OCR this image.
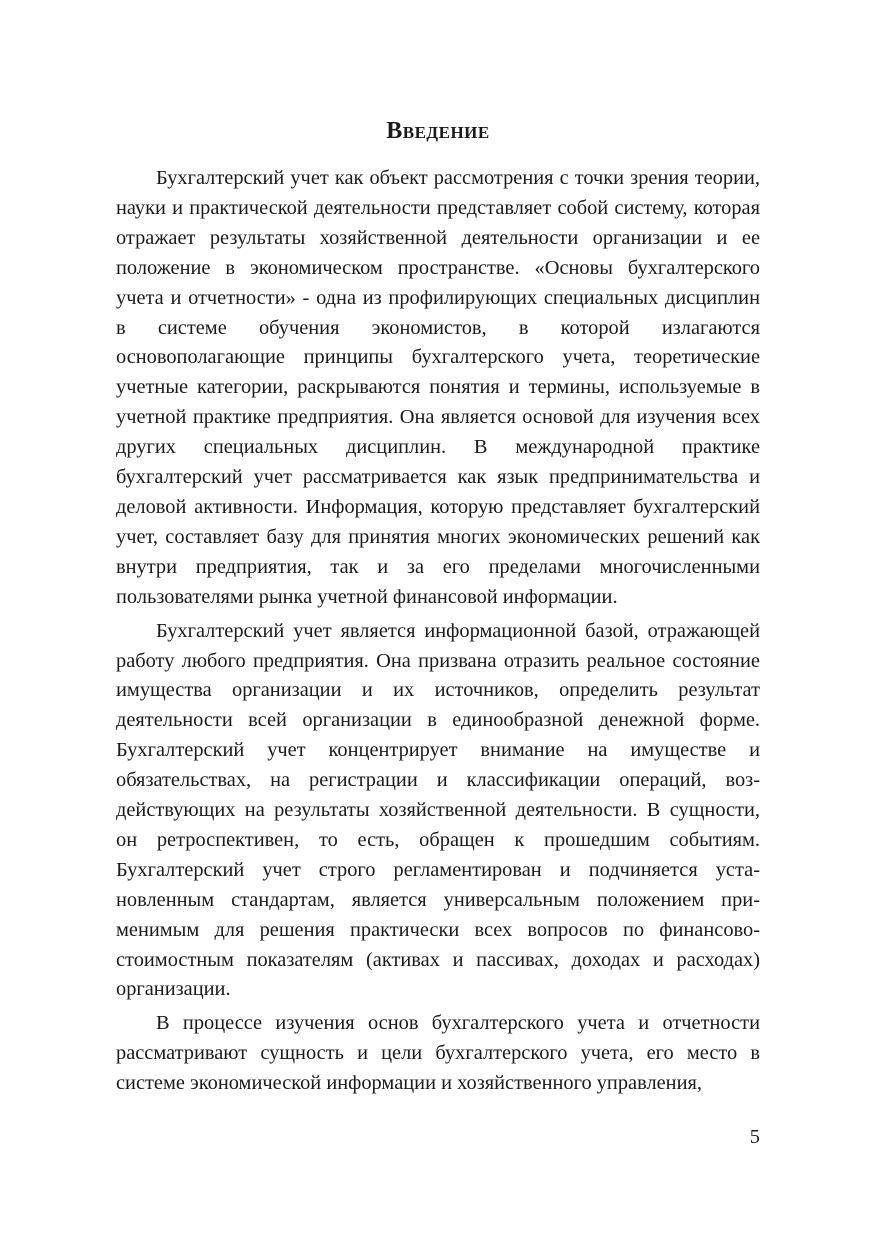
Введение

Бухгалтерский учет как объект рассмотрения с точки зрения теории, науки и практической деятельности представляет собой систему, которая отражает результаты хозяйственной деятельности организации и ее положение в экономическом пространстве. «Основы бухгалтерского учета и отчетности» - одна из профилирующих специальных дисциплин в системе обучения экономистов, в которой излагаются основополагающие принципы бухгалтерского учета, теоретические учетные категории, раскрываются понятия и термины, используемые в учетной практике предприятия. Она является основой для изучения всех других специальных дисциплин. В международной практике бухгалтерский учет рассматривается как язык предпринимательства и деловой активности. Информация, которую представляет бухгалтерский учет, составляет базу для принятия многих экономических решений как внутри предприятия, так и за его пределами многочисленными пользователями рынка учетной финансовой информации.

Бухгалтерский учет является информационной базой, отражающей работу любого предприятия. Она призвана отразить реальное состояние имущества организации и их источников, определить результат деятельности всей организации в единообразной денежной форме. Бухгалтерский учет концентрирует внимание на имуществе и обязательствах, на регистрации и классификации операций, воздействующих на результаты хозяйственной деятельности. В сущности, он ретроспективен, то есть, обращен к прошедшим событиям. Бухгалтерский учет строго регламентирован и подчиняется установленным стандартам, является универсальным положением применимым для решения практически всех вопросов по финансово-стоимостным показателям (активах и пассивах, доходах и расходах) организации.

В процессе изучения основ бухгалтерского учета и отчетности рассматривают сущность и цели бухгалтерского учета, его место в системе экономической информации и хозяйственного управления,

5
